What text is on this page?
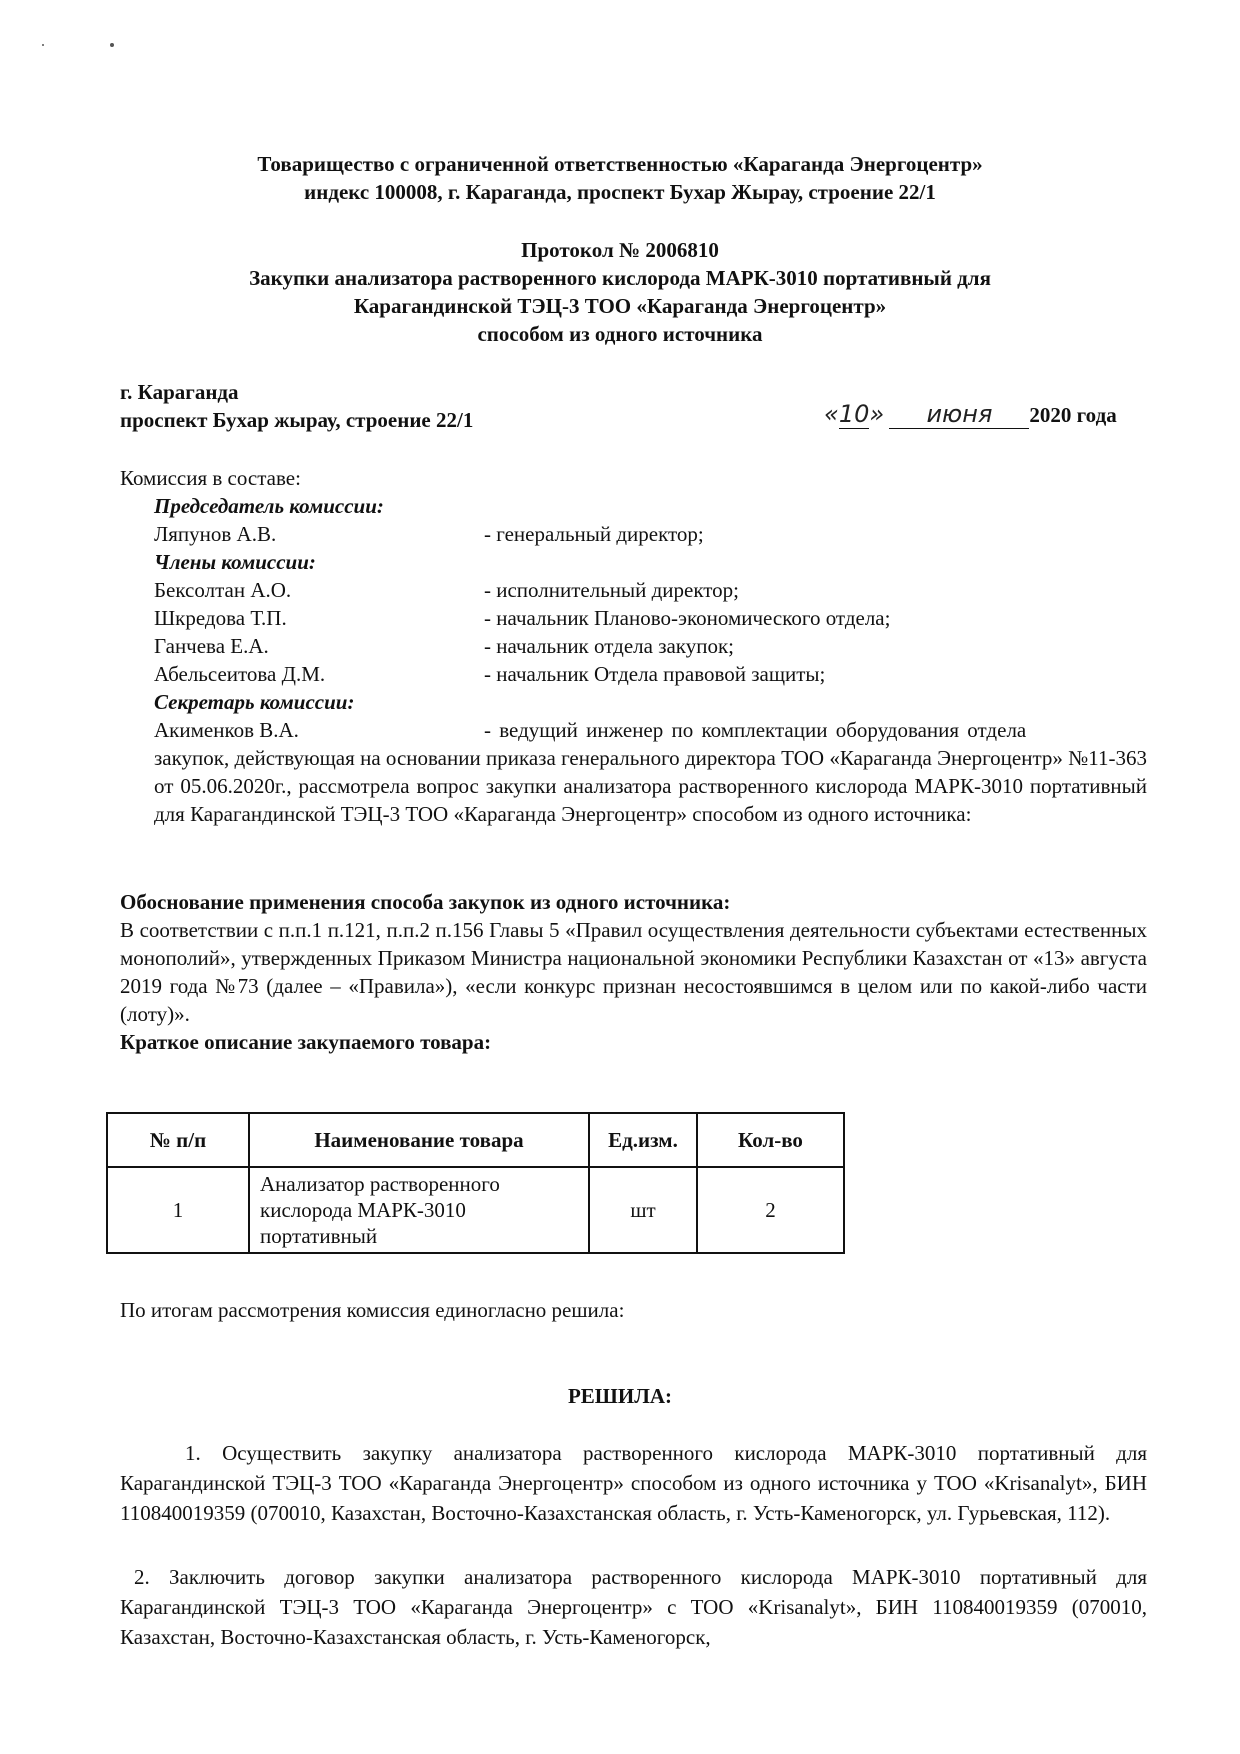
Товарищество с ограниченной ответственностью «Караганда Энергоцентр»
индекс 100008, г. Караганда, проспект Бухар Жырау, строение 22/1
Протокол № 2006810
Закупки анализатора растворенного кислорода МАРК-3010 портативный для
Карагандинской ТЭЦ-3 ТОО «Караганда Энергоцентр»
способом из одного источника
г. Караганда
проспект Бухар жырау, строение 22/1	«10» июня 2020 года
Комиссия в составе:
Председатель комиссии:
Ляпунов А.В.	- генеральный директор;
Члены комиссии:
Бексолтан А.О.	- исполнительный директор;
Шкредова Т.П.	- начальник Планово-экономического отдела;
Ганчева Е.А.	- начальник отдела закупок;
Абельсеитова Д.М.	- начальник Отдела правовой защиты;
Секретарь комиссии:
Акименков В.А.	- ведущий инженер по комплектации оборудования отдела
закупок, действующая на основании приказа генерального директора ТОО «Караганда Энергоцентр» №11-363 от 05.06.2020г., рассмотрела вопрос закупки анализатора растворенного кислорода МАРК-3010 портативный для Карагандинской ТЭЦ-3 ТОО «Караганда Энергоцентр» способом из одного источника:
Обоснование применения способа закупок из одного источника:
В соответствии с п.п.1 п.121, п.п.2 п.156 Главы 5 «Правил осуществления деятельности субъектами естественных монополий», утвержденных Приказом Министра национальной экономики Республики Казахстан от «13» августа 2019 года №73 (далее – «Правила»), «если конкурс признан несостоявшимся в целом или по какой-либо части (лоту)».
Краткое описание закупаемого товара:
№ п/п	Наименование товара	Ед.изм.	Кол-во
1	Анализатор растворенного кислорода МАРК-3010 портативный	шт	2
По итогам рассмотрения комиссия единогласно решила:
РЕШИЛА:
1. Осуществить закупку анализатора растворенного кислорода МАРК-3010 портативный для Карагандинской ТЭЦ-3 ТОО «Караганда Энергоцентр» способом из одного источника у ТОО «Krisanalyt», БИН 110840019359 (070010, Казахстан, Восточно-Казахстанская область, г. Усть-Каменогорск, ул. Гурьевская, 112).
2. Заключить договор закупки анализатора растворенного кислорода МАРК-3010 портативный для Карагандинской ТЭЦ-3 ТОО «Караганда Энергоцентр» с ТОО «Krisanalyt», БИН 110840019359 (070010, Казахстан, Восточно-Казахстанская область, г. Усть-Каменогорск,
